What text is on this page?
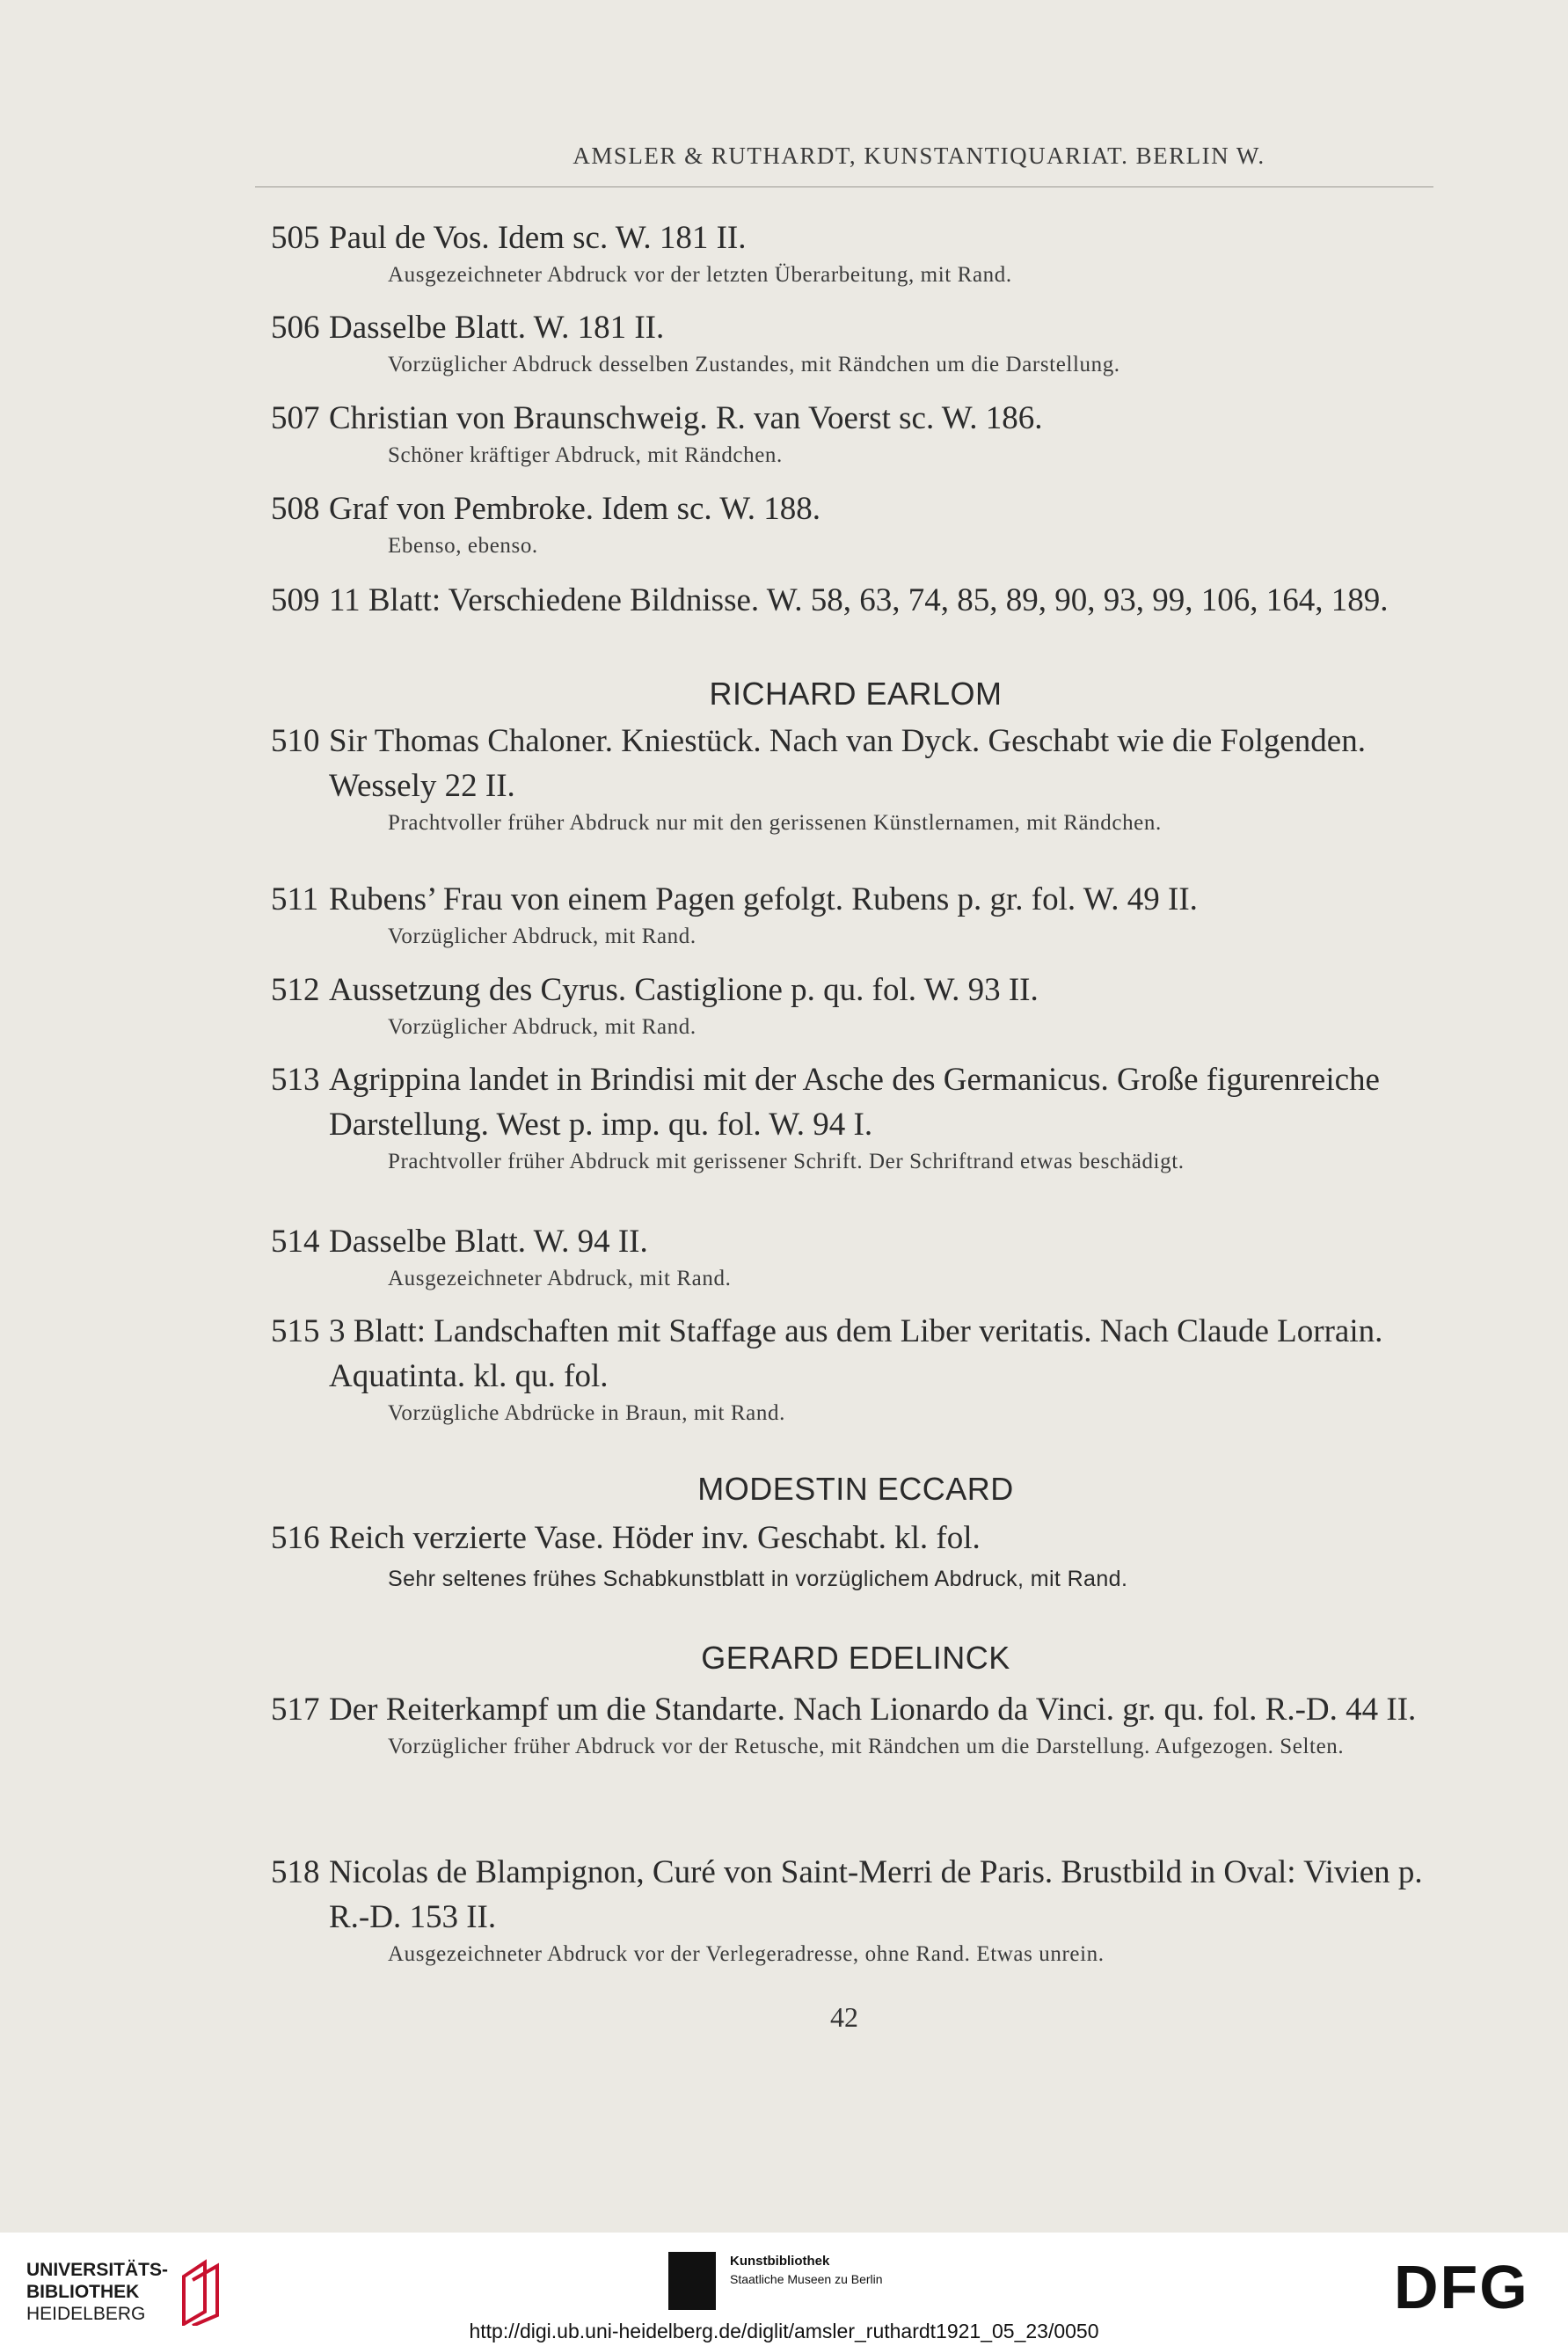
AMSLER & RUTHARDT, KUNSTANTIQUARIAT. BERLIN W.
505 Paul de Vos. Idem sc. W. 181 II.
Ausgezeichneter Abdruck vor der letzten Überarbeitung, mit Rand.
506 Dasselbe Blatt. W. 181 II.
Vorzüglicher Abdruck desselben Zustandes, mit Rändchen um die Darstellung.
507 Christian von Braunschweig. R. van Voerst sc. W. 186.
Schöner kräftiger Abdruck, mit Rändchen.
508 Graf von Pembroke. Idem sc. W. 188.
Ebenso, ebenso.
509 11 Blatt: Verschiedene Bildnisse. W. 58, 63, 74, 85, 89, 90, 93, 99, 106, 164, 189.
RICHARD EARLOM
510 Sir Thomas Chaloner. Kniestück. Nach van Dyck. Geschabt wie die Folgenden. Wessely 22 II.
Prachtvoller früher Abdruck nur mit den gerissenen Künstlernamen, mit Rändchen.
511 Rubens’ Frau von einem Pagen gefolgt. Rubens p. gr. fol. W. 49 II.
Vorzüglicher Abdruck, mit Rand.
512 Aussetzung des Cyrus. Castiglione p. qu. fol. W. 93 II.
Vorzüglicher Abdruck, mit Rand.
513 Agrippina landet in Brindisi mit der Asche des Germanicus. Große figurenreiche Darstellung. West p. imp. qu. fol. W. 94 I.
Prachtvoller früher Abdruck mit gerissener Schrift. Der Schriftrand etwas beschädigt.
514 Dasselbe Blatt. W. 94 II.
Ausgezeichneter Abdruck, mit Rand.
515 3 Blatt: Landschaften mit Staffage aus dem Liber veritatis. Nach Claude Lorrain. Aquatinta. kl. qu. fol.
Vorzügliche Abdrücke in Braun, mit Rand.
MODESTIN ECCARD
516 Reich verzierte Vase. Höder inv. Geschabt. kl. fol.
Sehr seltenes frühes Schabkunstblatt in vorzüglichem Abdruck, mit Rand.
GERARD EDELINCK
517 Der Reiterkampf um die Standarte. Nach Lionardo da Vinci. gr. qu. fol. R.-D. 44 II.
Vorzüglicher früher Abdruck vor der Retusche, mit Rändchen um die Darstellung. Aufgezogen. Selten.
518 Nicolas de Blampignon, Curé von Saint-Merri de Paris. Brustbild in Oval: Vivien p. R.-D. 153 II.
Ausgezeichneter Abdruck vor der Verlegeradresse, ohne Rand. Etwas unrein.
42
UNIVERSITÄTS-
BIBLIOTHEK
HEIDELBERG
Kunstbibliothek
Staatliche Museen zu Berlin	DFG
http://digi.ub.uni-heidelberg.de/diglit/amsler_ruthardt1921_05_23/0050
